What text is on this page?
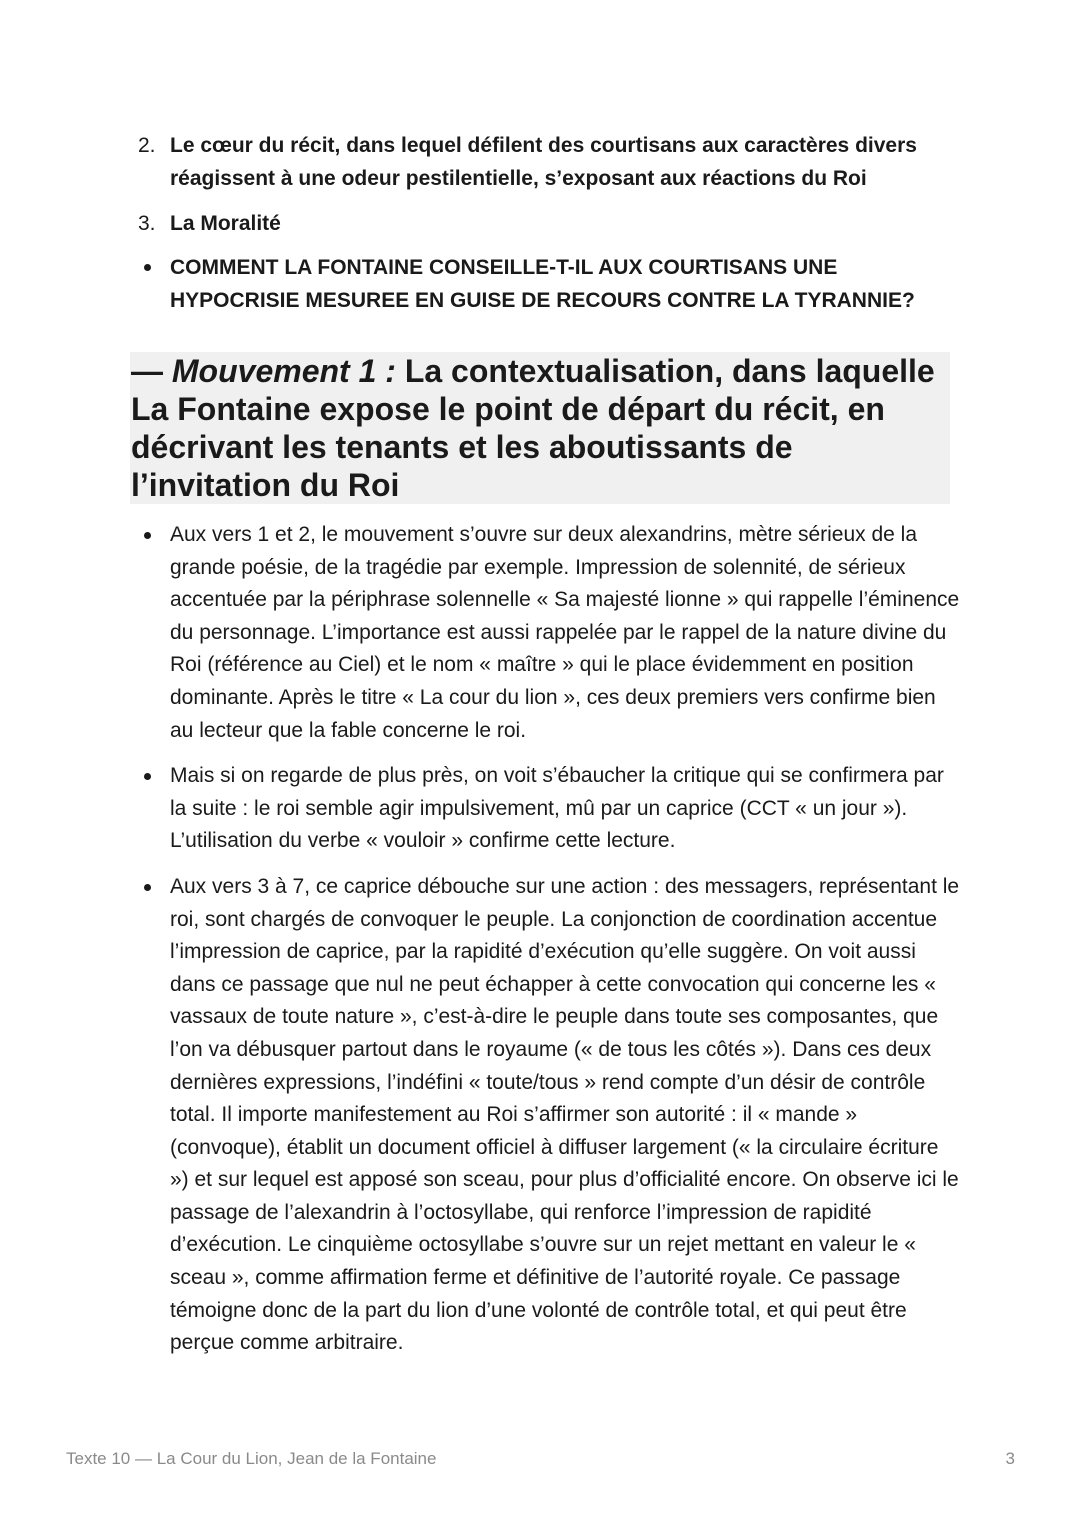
2. Le cœur du récit, dans lequel défilent des courtisans aux caractères divers réagissent à une odeur pestilentielle, s’exposant aux réactions du Roi
3. La Moralité
COMMENT LA FONTAINE CONSEILLE-T-IL AUX COURTISANS UNE HYPOCRISIE MESUREE EN GUISE DE RECOURS CONTRE LA TYRANNIE?
— Mouvement 1 : La contextualisation, dans laquelle La Fontaine expose le point de départ du récit, en décrivant les tenants et les aboutissants de l’invitation du Roi
Aux vers 1 et 2, le mouvement s’ouvre sur deux alexandrins, mètre sérieux de la grande poésie, de la tragédie par exemple. Impression de solennité, de sérieux accentuée par la périphrase solennelle « Sa majesté lionne » qui rappelle l’éminence du personnage. L’importance est aussi rappelée par le rappel de la nature divine du Roi (référence au Ciel) et le nom « maître » qui le place évidemment en position dominante. Après le titre « La cour du lion », ces deux premiers vers confirme bien au lecteur que la fable concerne le roi.
Mais si on regarde de plus près, on voit s’ébaucher la critique qui se confirmera par la suite : le roi semble agir impulsivement, mû par un caprice (CCT « un jour »). L’utilisation du verbe « vouloir » confirme cette lecture.
Aux vers 3 à 7, ce caprice débouche sur une action : des messagers, représentant le roi, sont chargés de convoquer le peuple. La conjonction de coordination accentue l’impression de caprice, par la rapidité d’exécution qu’elle suggère. On voit aussi dans ce passage que nul ne peut échapper à cette convocation qui concerne les « vassaux de toute nature », c’est-à-dire le peuple dans toute ses composantes, que l’on va débusquer partout dans le royaume (« de tous les côtés »). Dans ces deux dernières expressions, l’indéfini « toute/tous » rend compte d’un désir de contrôle total. Il importe manifestement au Roi s’affirmer son autorité : il « mande » (convoque), établit un document officiel à diffuser largement (« la circulaire écriture ») et sur lequel est apposé son sceau, pour plus d’officialité encore. On observe ici le passage de l’alexandrin à l’octosyllabe, qui renforce l’impression de rapidité d’exécution. Le cinquième octosyllabe s’ouvre sur un rejet mettant en valeur le « sceau », comme affirmation ferme et définitive de l’autorité royale. Ce passage témoigne donc de la part du lion d’une volonté de contrôle total, et qui peut être perçue comme arbitraire.
Texte 10 — La Cour du Lion, Jean de la Fontaine	3
